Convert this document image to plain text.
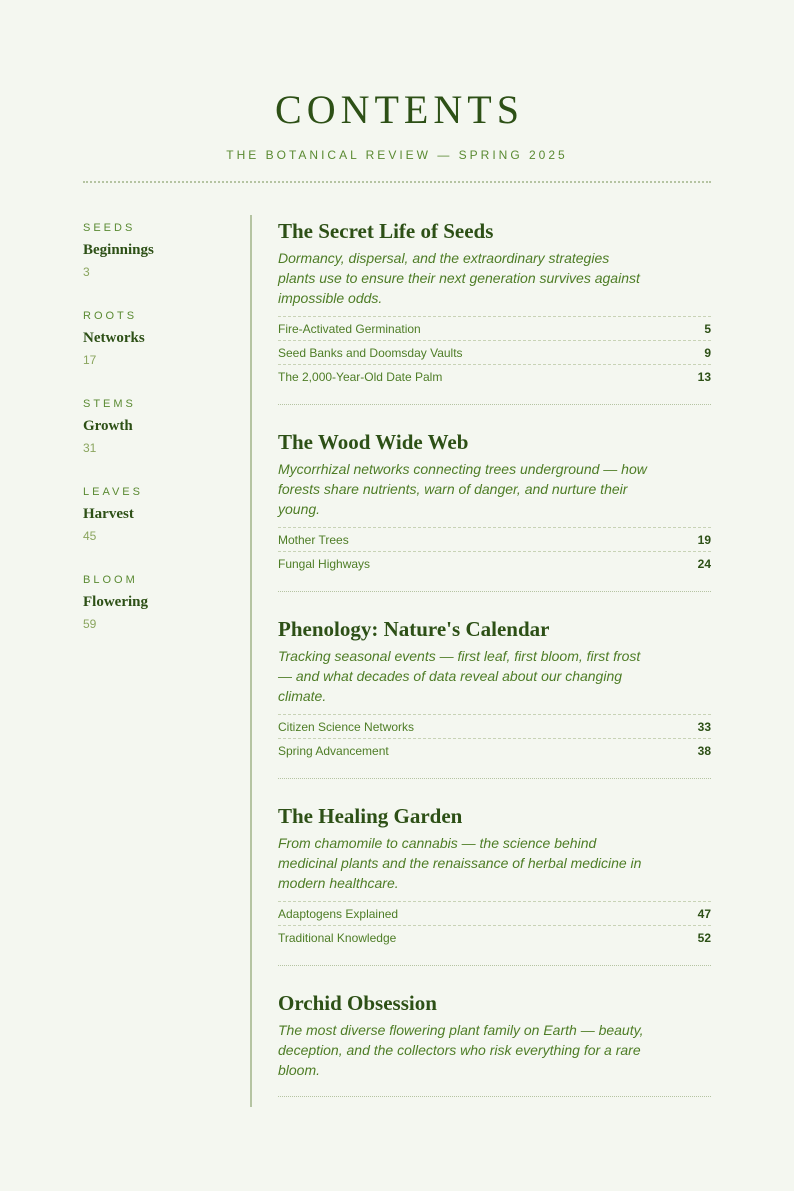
CONTENTS
THE BOTANICAL REVIEW — SPRING 2025
SEEDS
Beginnings
3
ROOTS
Networks
17
STEMS
Growth
31
LEAVES
Harvest
45
BLOOM
Flowering
59
The Secret Life of Seeds

Dormancy, dispersal, and the extraordinary strategies plants use to ensure their next generation survives against impossible odds.

Fire-Activated Germination	5
Seed Banks and Doomsday Vaults	9
The 2,000-Year-Old Date Palm	13
The Wood Wide Web

Mycorrhizal networks connecting trees underground — how forests share nutrients, warn of danger, and nurture their young.

Mother Trees	19
Fungal Highways	24
Phenology: Nature's Calendar

Tracking seasonal events — first leaf, first bloom, first frost — and what decades of data reveal about our changing climate.

Citizen Science Networks	33
Spring Advancement	38
The Healing Garden

From chamomile to cannabis — the science behind medicinal plants and the renaissance of herbal medicine in modern healthcare.

Adaptogens Explained	47
Traditional Knowledge	52
Orchid Obsession

The most diverse flowering plant family on Earth — beauty, deception, and the collectors who risk everything for a rare bloom.
